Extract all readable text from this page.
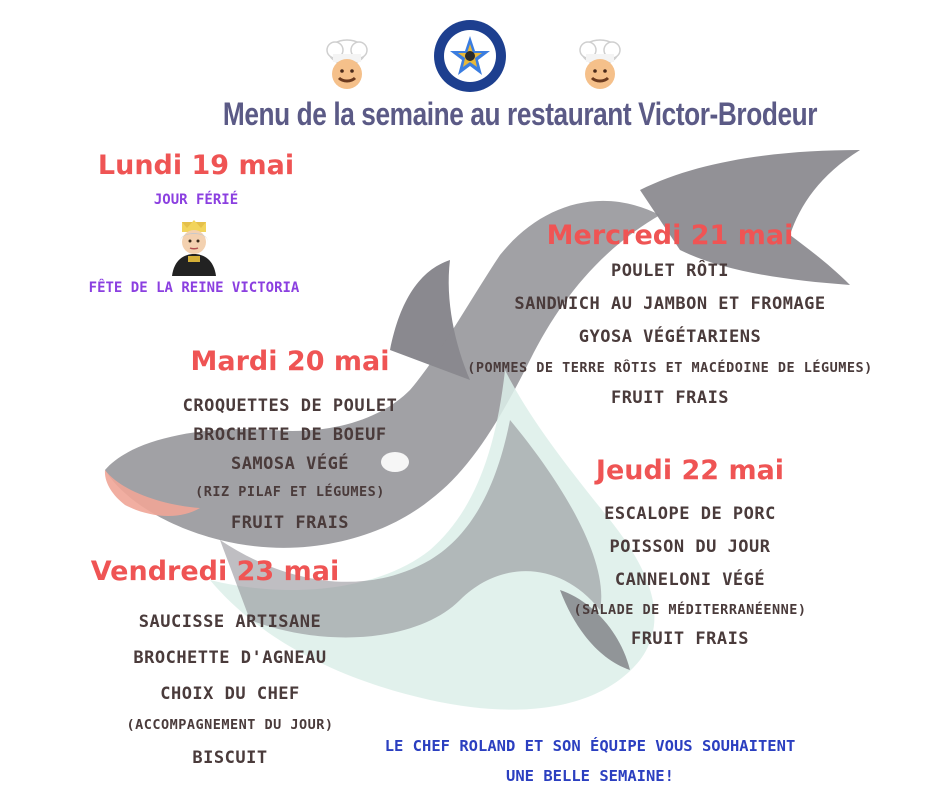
Menu de la semaine au restaurant Victor-Brodeur
Lundi 19 mai
JOUR FÉRIÉ
FÊTE DE LA REINE VICTORIA
Mardi 20 mai
CROQUETTES DE POULET
BROCHETTE DE BOEUF
SAMOSA VÉGÉ
(RIZ PILAF ET LÉGUMES)
FRUIT FRAIS
Mercredi 21 mai
POULET RÔTI
SANDWICH AU JAMBON ET FROMAGE
GYOSA VÉGÉTARIENS
(POMMES DE TERRE RÔTIS ET MACÉDOINE DE LÉGUMES)
FRUIT FRAIS
Jeudi 22 mai
ESCALOPE DE PORC
POISSON DU JOUR
CANNELONI VÉGÉ
(SALADE DE MÉDITERRANÉENNE)
FRUIT FRAIS
Vendredi 23 mai
SAUCISSE ARTISANE
BROCHETTE D'AGNEAU
CHOIX DU CHEF
(ACCOMPAGNEMENT DU JOUR)
BISCUIT
LE CHEF ROLAND ET SON ÉQUIPE VOUS SOUHAITENT
UNE BELLE SEMAINE!
